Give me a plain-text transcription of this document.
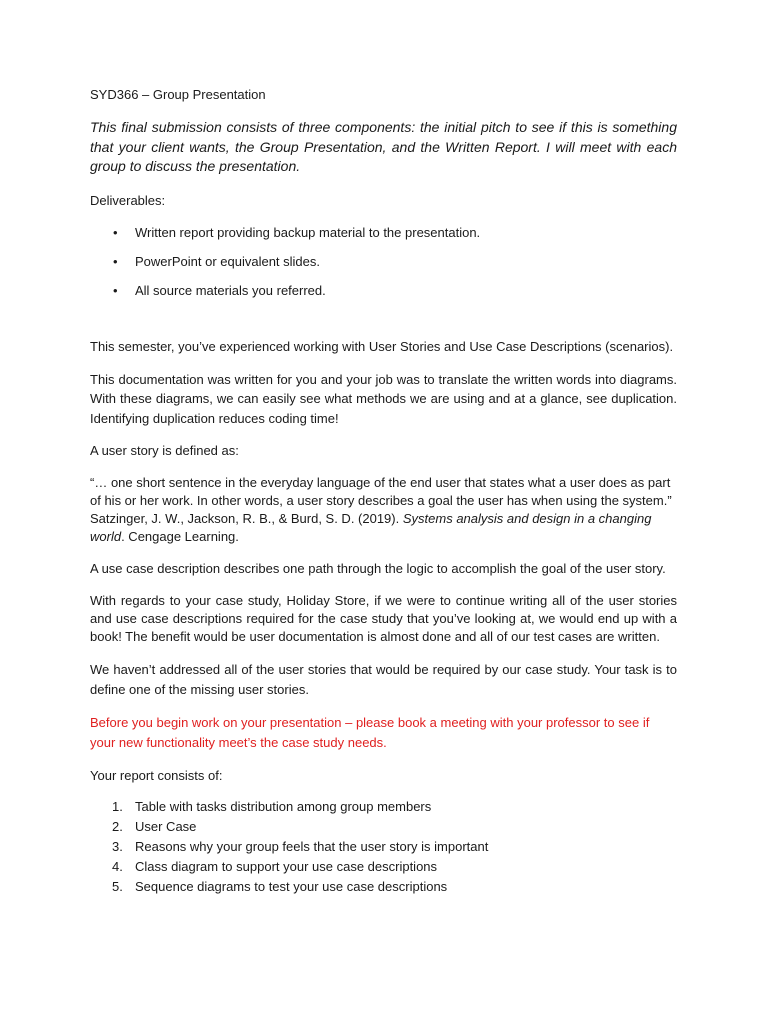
SYD366 – Group Presentation

This final submission consists of three components: the initial pitch to see if this is something that your client wants, the Group Presentation, and the Written Report. I will meet with each group to discuss the presentation.

Deliverables:

• Written report providing backup material to the presentation.
• PowerPoint or equivalent slides.
• All source materials you referred.

This semester, you’ve experienced working with User Stories and Use Case Descriptions (scenarios).

This documentation was written for you and your job was to translate the written words into diagrams. With these diagrams, we can easily see what methods we are using and at a glance, see duplication. Identifying duplication reduces coding time!

A user story is defined as:

“… one short sentence in the everyday language of the end user that states what a user does as part of his or her work. In other words, a user story describes a goal the user has when using the system.” Satzinger, J. W., Jackson, R. B., & Burd, S. D. (2019). Systems analysis and design in a changing world. Cengage Learning.

A use case description describes one path through the logic to accomplish the goal of the user story.

With regards to your case study, Holiday Store, if we were to continue writing all of the user stories and use case descriptions required for the case study that you’ve looking at, we would end up with a book! The benefit would be user documentation is almost done and all of our test cases are written.

We haven’t addressed all of the user stories that would be required by our case study. Your task is to define one of the missing user stories.

Before you begin work on your presentation – please book a meeting with your professor to see if your new functionality meet’s the case study needs.

Your report consists of:

1. Table with tasks distribution among group members
2. User Case
3. Reasons why your group feels that the user story is important
4. Class diagram to support your use case descriptions
5. Sequence diagrams to test your use case descriptions
